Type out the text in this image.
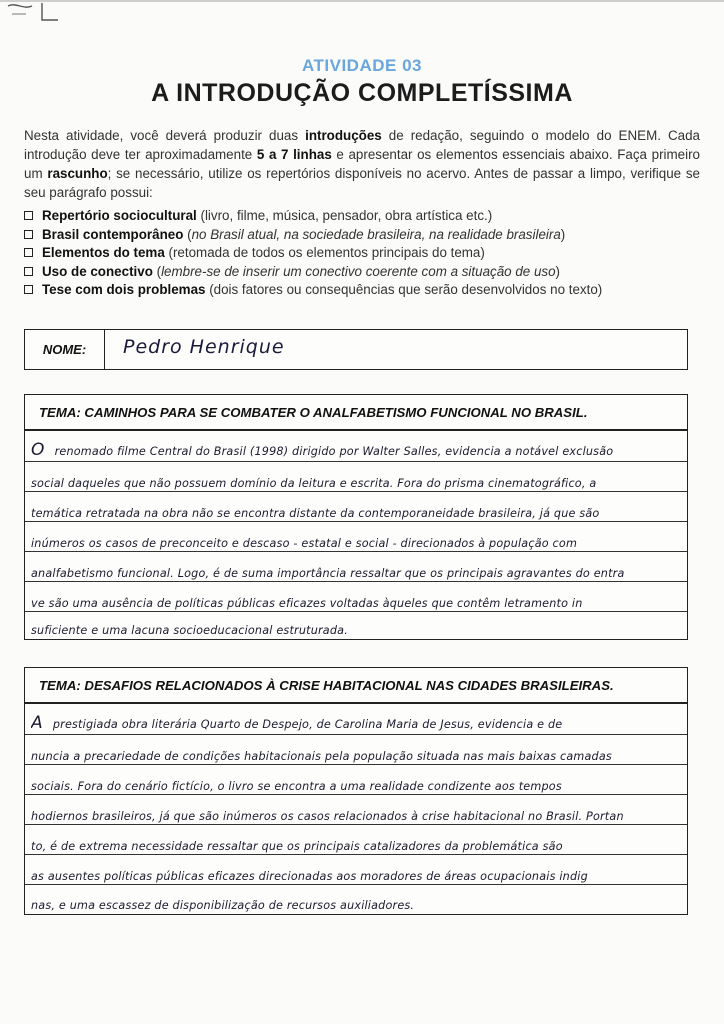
ATIVIDADE 03
A INTRODUÇÃO COMPLETÍSSIMA

Nesta atividade, você deverá produzir duas introduções de redação, seguindo o modelo do ENEM. Cada introdução deve ter aproximadamente 5 a 7 linhas e apresentar os elementos essenciais abaixo. Faça primeiro um rascunho; se necessário, utilize os repertórios disponíveis no acervo. Antes de passar a limpo, verifique se seu parágrafo possui:

Repertório sociocultural (livro, filme, música, pensador, obra artística etc.)
Brasil contemporâneo (no Brasil atual, na sociedade brasileira, na realidade brasileira)
Elementos do tema (retomada de todos os elementos principais do tema)
Uso de conectivo (lembre-se de inserir um conectivo coerente com a situação de uso)
Tese com dois problemas (dois fatores ou consequências que serão desenvolvidos no texto)
NOME:	Pedro Henrique
TEMA: CAMINHOS PARA SE COMBATER O ANALFABETISMO FUNCIONAL NO BRASIL.
Orenomado filme Central do Brasil (1998) dirigido por Walter Salles, evidencia a notável exclusão
social daqueles que não possuem domínio da leitura e escrita. Fora do prisma cinematográfico, a
temática retratada na obra não se encontra distante da contemporaneidade brasileira, já que são
inúmeros os casos de preconceito e descaso - estatal e social - direcionados à população com
analfabetismo funcional. Logo, é de suma importância ressaltar que os principais agravantes do entra
ve são uma ausência de políticas públicas eficazes voltadas àqueles que contêm letramento in
suficiente e uma lacuna socioeducacional estruturada.
TEMA: DESAFIOS RELACIONADOS À CRISE HABITACIONAL NAS CIDADES BRASILEIRAS.
Aprestigiada obra literária Quarto de Despejo, de Carolina Maria de Jesus, evidencia e de
nuncia a precariedade de condições habitacionais pela população situada nas mais baixas camadas
sociais. Fora do cenário fictício, o livro se encontra a uma realidade condizente aos tempos
hodiernos brasileiros, já que são inúmeros os casos relacionados à crise habitacional no Brasil. Portan
to, é de extrema necessidade ressaltar que os principais catalizadores da problemática são
as ausentes políticas públicas eficazes direcionadas aos moradores de áreas ocupacionais indig
nas, e uma escassez de disponibilização de recursos auxiliadores.
